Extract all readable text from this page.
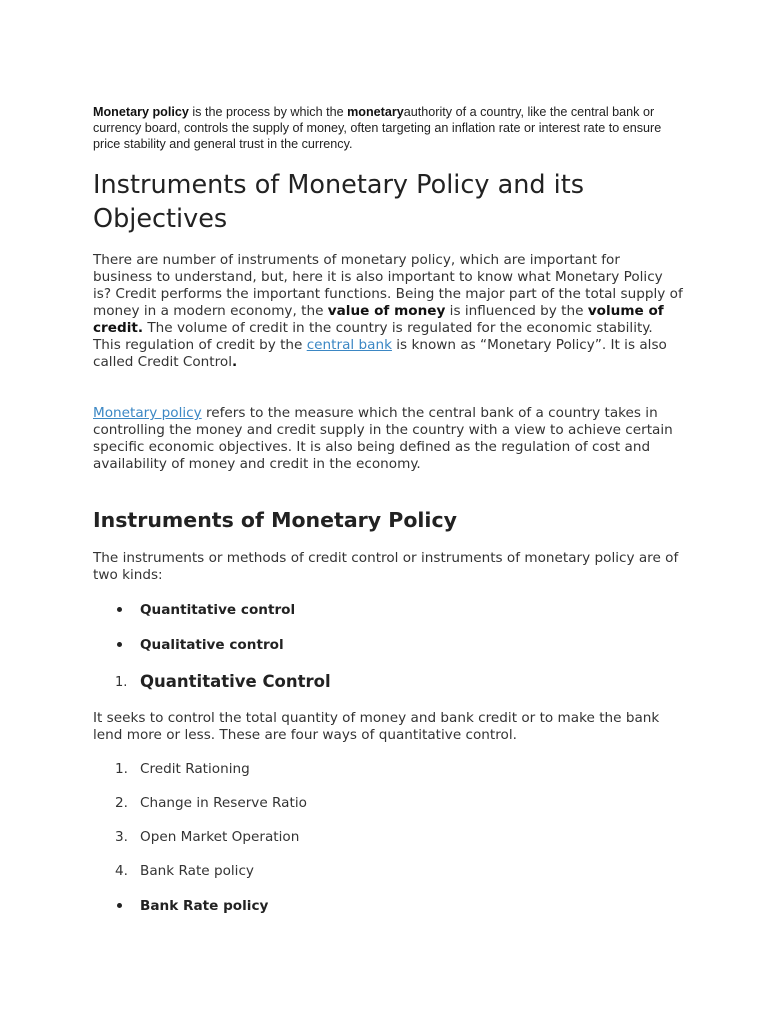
Monetary policy is the process by which the monetaryauthority of a country, like the central bank or currency board, controls the supply of money, often targeting an inflation rate or interest rate to ensure price stability and general trust in the currency.

Instruments of Monetary Policy and its Objectives

There are number of instruments of monetary policy, which are important for business to understand, but, here it is also important to know what Monetary Policy is? Credit performs the important functions. Being the major part of the total supply of money in a modern economy, the value of money is influenced by the volume of credit. The volume of credit in the country is regulated for the economic stability. This regulation of credit by the central bank is known as “Monetary Policy”. It is also called Credit Control.

Monetary policy refers to the measure which the central bank of a country takes in controlling the money and credit supply in the country with a view to achieve certain specific economic objectives. It is also being defined as the regulation of cost and availability of money and credit in the economy.

Instruments of Monetary Policy

The instruments or methods of credit control or instruments of monetary policy are of two kinds:

Quantitative control
Qualitative control
1. Quantitative Control

It seeks to control the total quantity of money and bank credit or to make the bank lend more or less. These are four ways of quantitative control.

1. Credit Rationing
2. Change in Reserve Ratio
3. Open Market Operation
4. Bank Rate policy
Bank Rate policy
